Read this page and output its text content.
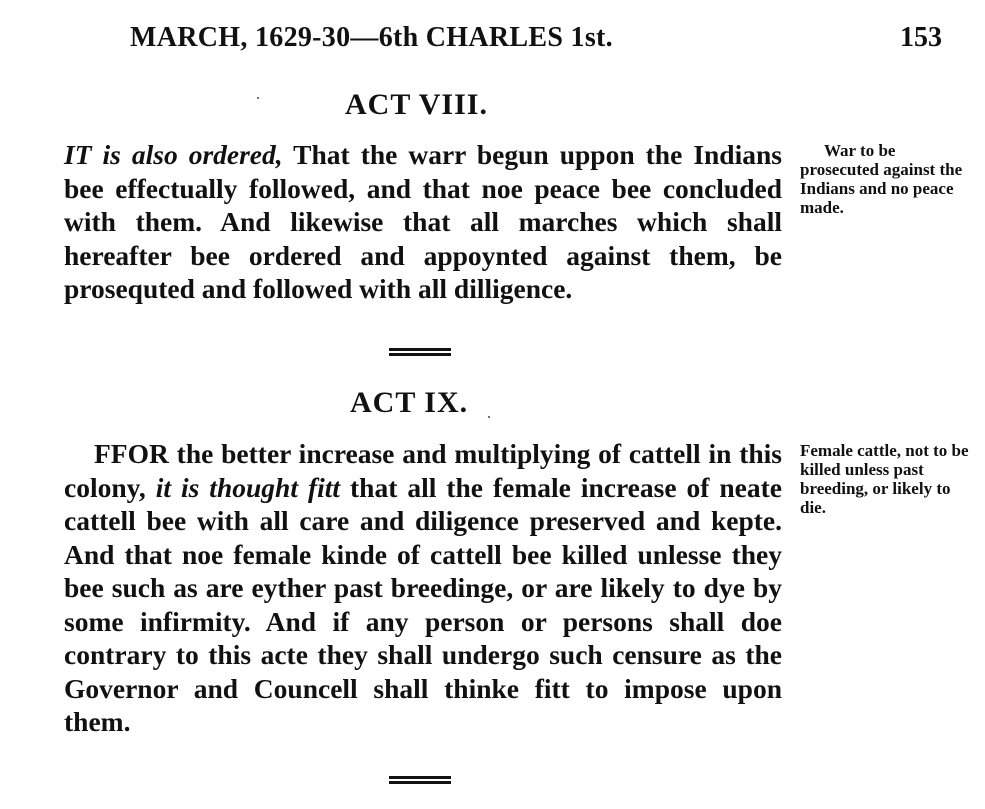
MARCH, 1629-30—6th CHARLES 1st.	153
ACT VIII.

IT is also ordered, That the warr begun uppon the Indians bee effectually followed, and that noe peace bee concluded with them. And likewise that all marches which shall hereafter bee ordered and appoynted against them, be prosequted and followed with all dilligence.

War to be prosecuted against the Indians and no peace made.

ACT IX.

FFOR the better increase and multiplying of cattell in this colony, it is thought fitt that all the female increase of neate cattell bee with all care and diligence preserved and kepte. And that noe female kinde of cattell bee killed unlesse they bee such as are eyther past breedinge, or are likely to dye by some infirmity. And if any person or persons shall doe contrary to this acte they shall undergo such censure as the Governor and Councell shall thinke fitt to impose upon them.

Female cattle, not to be killed unless past breeding, or likely to die.
